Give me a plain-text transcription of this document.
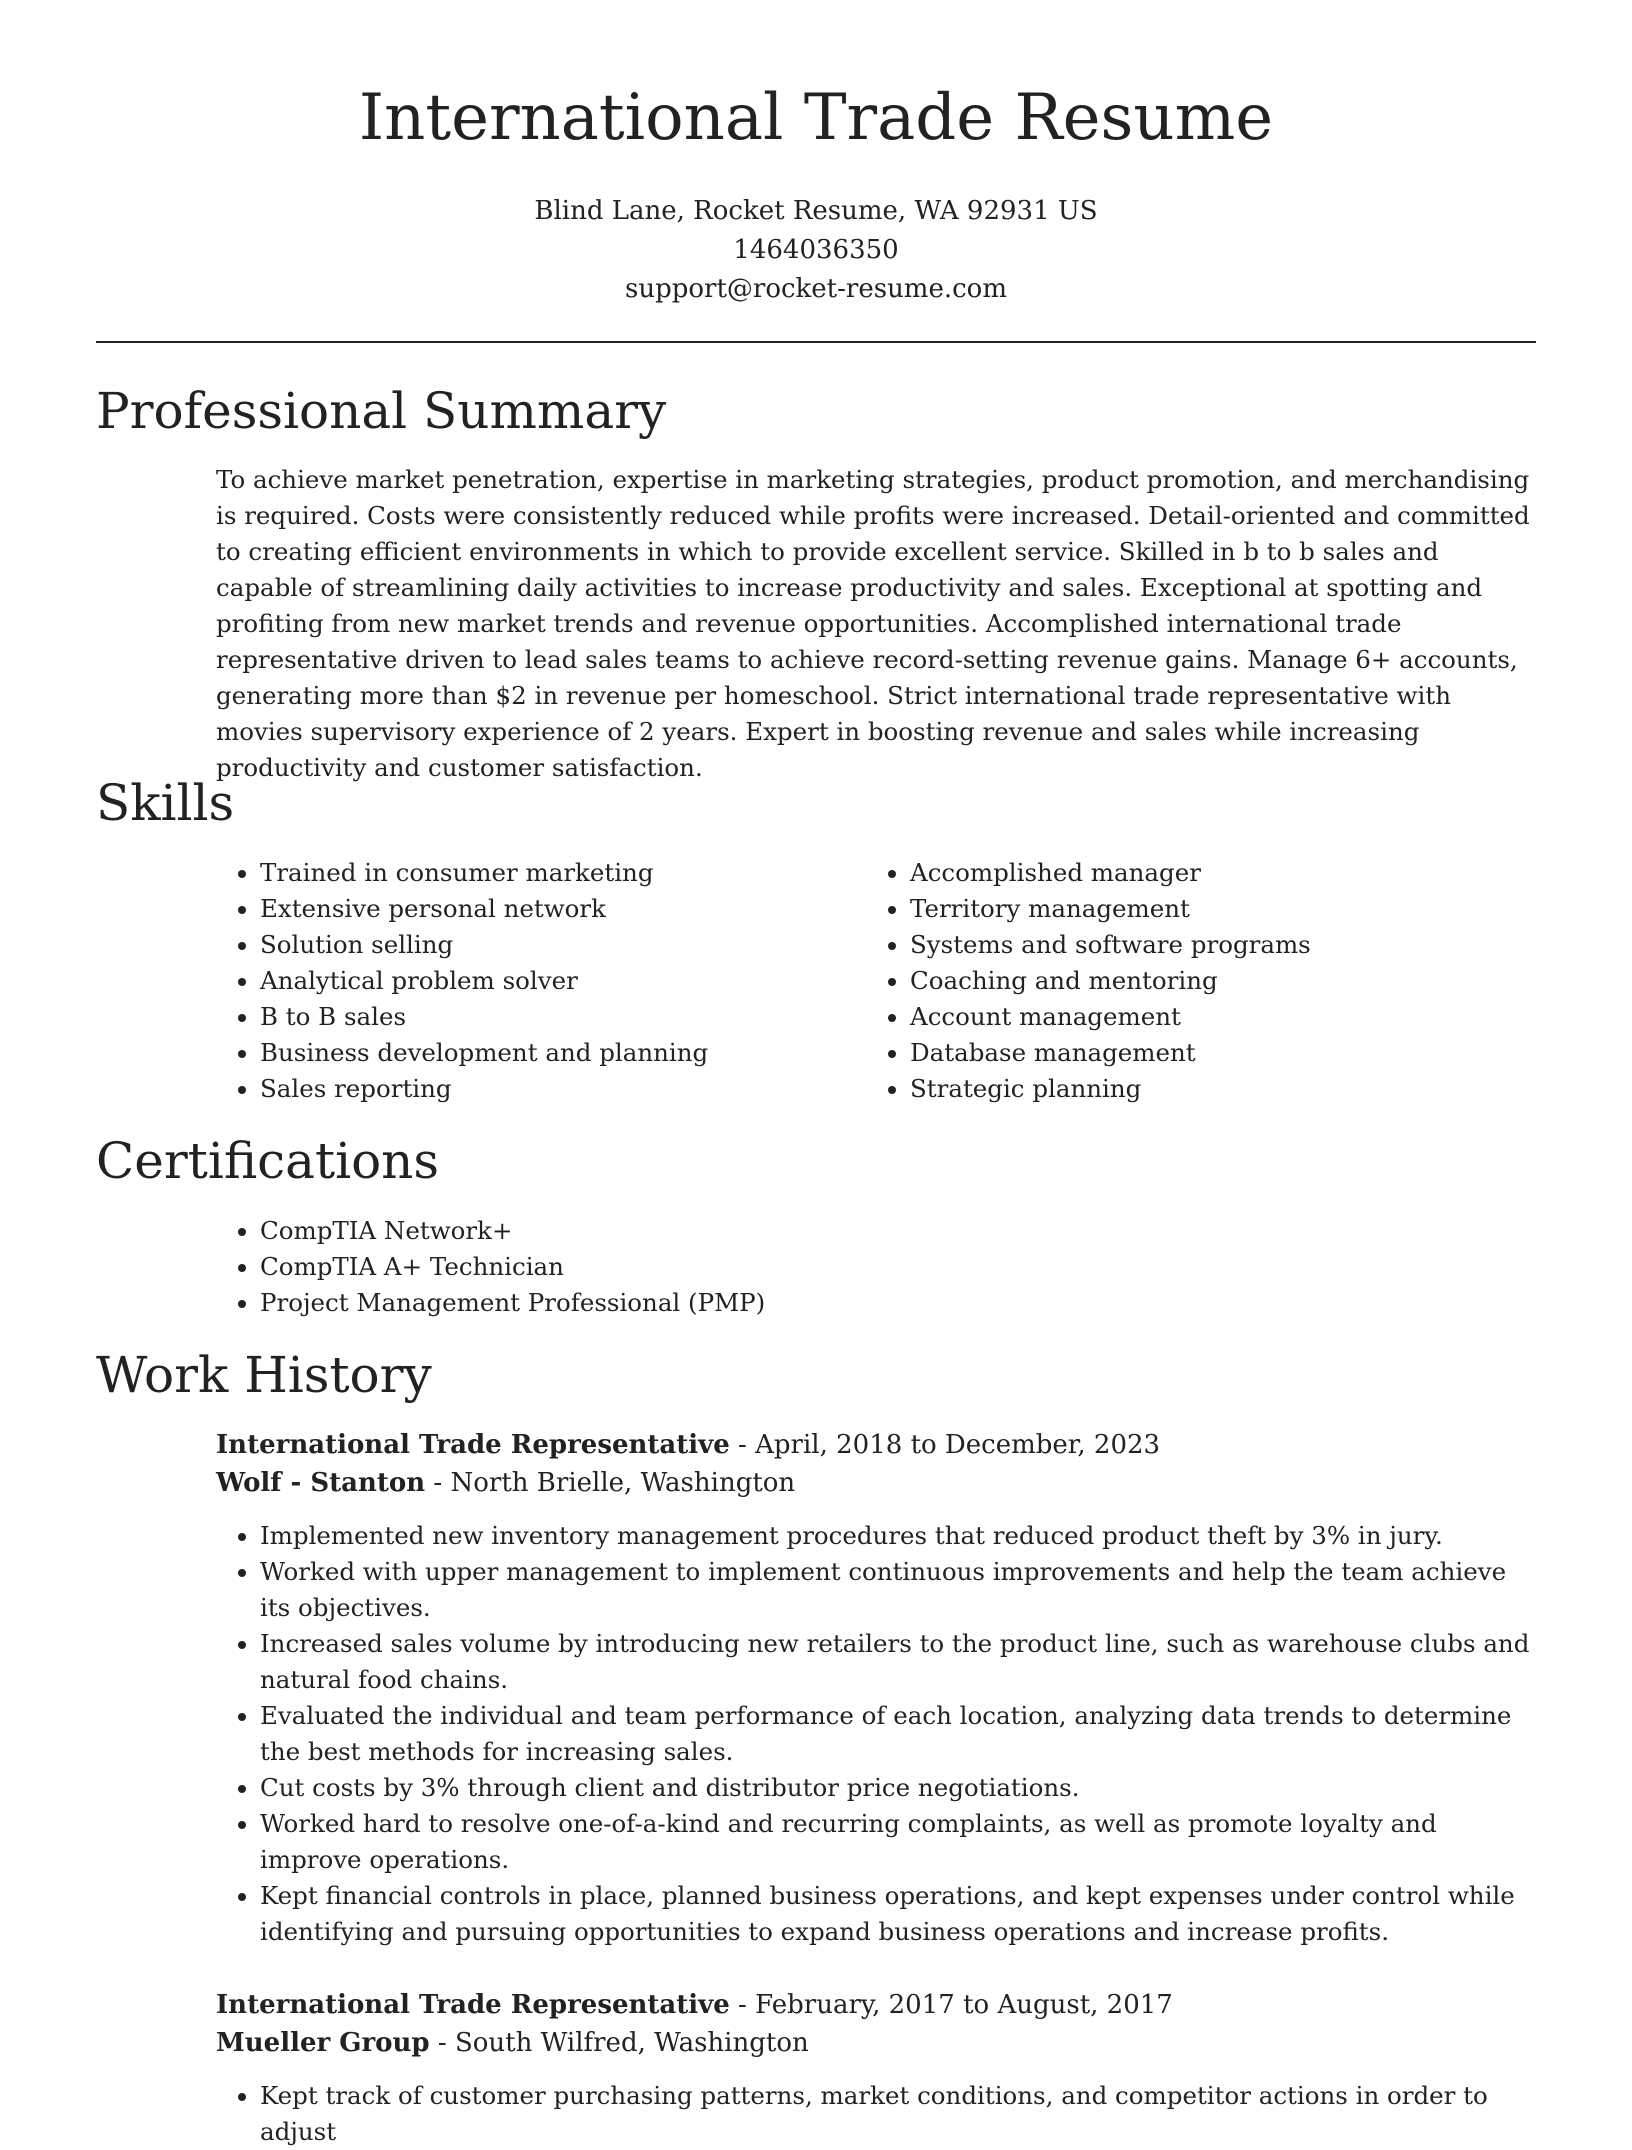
International Trade Resume
Blind Lane, Rocket Resume, WA 92931 US
1464036350
support@rocket-resume.com
Professional Summary

To achieve market penetration, expertise in marketing strategies, product promotion, and merchandising is required. Costs were consistently reduced while profits were increased. Detail-oriented and committed to creating efficient environments in which to provide excellent service. Skilled in b to b sales and capable of streamlining daily activities to increase productivity and sales. Exceptional at spotting and profiting from new market trends and revenue opportunities. Accomplished international trade representative driven to lead sales teams to achieve record-setting revenue gains. Manage 6+ accounts, generating more than $2 in revenue per homeschool. Strict international trade representative with movies supervisory experience of 2 years. Expert in boosting revenue and sales while increasing productivity and customer satisfaction.

Skills
• Trained in consumer marketing
• Extensive personal network
• Solution selling
• Analytical problem solver
• B to B sales
• Business development and planning
• Sales reporting
• Accomplished manager
• Territory management
• Systems and software programs
• Coaching and mentoring
• Account management
• Database management
• Strategic planning
Certifications
• CompTIA Network+
• CompTIA A+ Technician
• Project Management Professional (PMP)
Work History
International Trade Representative - April, 2018 to December, 2023
Wolf - Stanton - North Brielle, Washington
• Implemented new inventory management procedures that reduced product theft by 3% in jury.
• Worked with upper management to implement continuous improvements and help the team achieve its objectives.
• Increased sales volume by introducing new retailers to the product line, such as warehouse clubs and natural food chains.
• Evaluated the individual and team performance of each location, analyzing data trends to determine the best methods for increasing sales.
• Cut costs by 3% through client and distributor price negotiations.
• Worked hard to resolve one-of-a-kind and recurring complaints, as well as promote loyalty and improve operations.
• Kept financial controls in place, planned business operations, and kept expenses under control while identifying and pursuing opportunities to expand business operations and increase profits.
International Trade Representative - February, 2017 to August, 2017
Mueller Group - South Wilfred, Washington
• Kept track of customer purchasing patterns, market conditions, and competitor actions in order to adjust
